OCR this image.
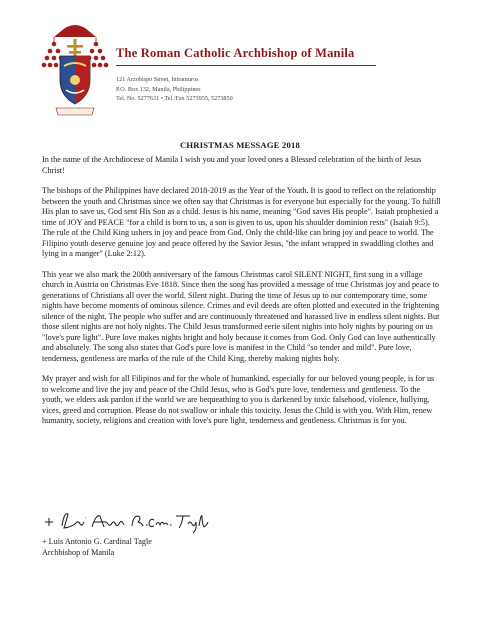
The Roman Catholic Archbishop of Manila
121 Arzobispo Street, Intramuros
P.O. Box 132, Manila, Philippines
Tel. No. 5277631 • Tel./Fax 5273955, 5273850
CHRISTMAS MESSAGE 2018

In the name of the Archdiocese of Manila I wish you and your loved ones a Blessed celebration of the birth of Jesus Christ!

The bishops of the Philippines have declared 2018-2019 as the Year of the Youth. It is good to reflect on the relationship between the youth and Christmas since we often say that Christmas is for everyone but especially for the young. To fulfill His plan to save us, God sent His Son as a child. Jesus is his name, meaning "God saves His people". Isaiah prophesied a time of JOY and PEACE "for a child is born to us, a son is given to us, upon his shoulder dominion rests" (Isaiah 9:5). The rule of the Child King ushers in joy and peace from God. Only the child-like can bring joy and peace to world. The Filipino youth deserve genuine joy and peace offered by the Savior Jesus, "the infant wrapped in swaddling clothes and lying in a manger" (Luke 2:12).

This year we also mark the 200th anniversary of the famous Christmas carol SILENT NIGHT, first sung in a village church in Austria on Christmas Eve 1818. Since then the song has provided a message of true Christmas joy and peace to generations of Christians all over the world. Silent night. During the time of Jesus up to our contemporary time, some nights have become moments of ominous silence. Crimes and evil deeds are often plotted and executed in the frightening silence of the night. The people who suffer and are continuously threatened and harassed live in endless silent nights. But those silent nights are not holy nights. The Child Jesus transformed eerie silent nights into holy nights by pouring on us "love's pure light". Pure love makes nights bright and holy because it comes from God. Only God can love authentically and absolutely. The song also states that God's pure love is manifest in the Child "so tender and mild". Pure love, tenderness, gentleness are marks of the rule of the Child King, thereby making nights holy.

My prayer and wish for all Filipinos and for the whole of humankind, especially for our beloved young people, is for us to welcome and live the joy and peace of the Child Jesus, who is God's pure love, tenderness and gentleness. To the youth, we elders ask pardon if the world we are bequeathing to you is darkened by toxic falsehood, violence, bullying, vices, greed and corruption. Please do not swallow or inhale this toxicity. Jesus the Child is with you. With Him, renew humanity, society, religions and creation with love's pure light, tenderness and gentleness. Christmas is for you.

+ Luis Antonio G. Cardinal Tagle
Archbishop of Manila
